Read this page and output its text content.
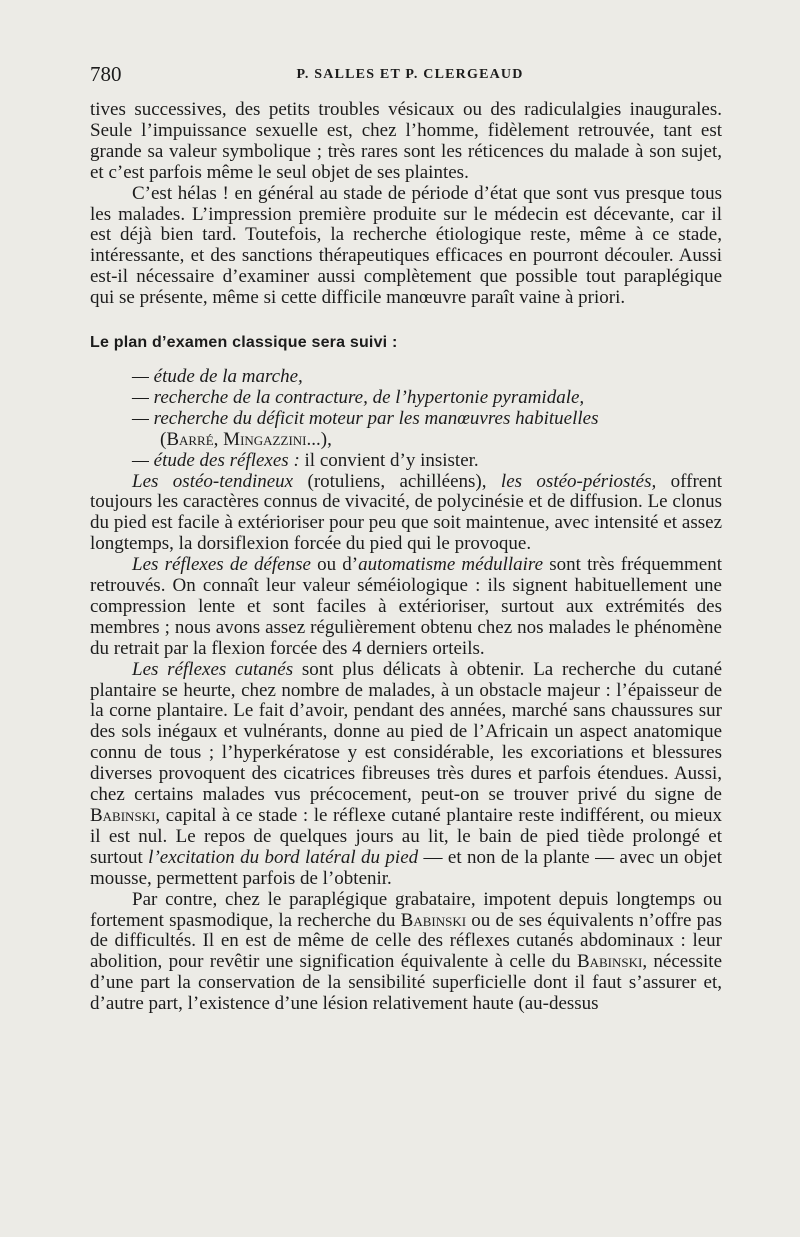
780	P. SALLES ET P. CLERGEAUD

tives successives, des petits troubles vésicaux ou des radiculalgies inaugurales. Seule l’impuissance sexuelle est, chez l’homme, fidèlement retrouvée, tant est grande sa valeur symbolique ; très rares sont les réticences du malade à son sujet, et c’est parfois même le seul objet de ses plaintes.

C’est hélas ! en général au stade de période d’état que sont vus presque tous les malades. L’impression première produite sur le médecin est décevante, car il est déjà bien tard. Toutefois, la recherche étiologique reste, même à ce stade, intéressante, et des sanctions thérapeutiques efficaces en pourront découler. Aussi est-il nécessaire d’examiner aussi complètement que possible tout paraplégique qui se présente, même si cette difficile manœuvre paraît vaine à priori.

Le plan d’examen classique sera suivi :

— étude de la marche,

— recherche de la contracture, de l’hypertonie pyramidale,

— recherche du déficit moteur par les manœuvres habituelles

(Barré, Mingazzini...),

— étude des réflexes : il convient d’y insister.

Les ostéo-tendineux (rotuliens, achilléens), les ostéo-périostés, offrent toujours les caractères connus de vivacité, de polycinésie et de diffusion. Le clonus du pied est facile à extérioriser pour peu que soit maintenue, avec intensité et assez longtemps, la dorsiflexion forcée du pied qui le provoque.

Les réflexes de défense ou d’automatisme médullaire sont très fréquemment retrouvés. On connaît leur valeur séméiologique : ils signent habituellement une compression lente et sont faciles à extérioriser, surtout aux extrémités des membres ; nous avons assez régulièrement obtenu chez nos malades le phénomène du retrait par la flexion forcée des 4 derniers orteils.

Les réflexes cutanés sont plus délicats à obtenir. La recherche du cutané plantaire se heurte, chez nombre de malades, à un obstacle majeur : l’épaisseur de la corne plantaire. Le fait d’avoir, pendant des années, marché sans chaussures sur des sols inégaux et vulnérants, donne au pied de l’Africain un aspect anatomique connu de tous ; l’hyperkératose y est considérable, les excoriations et blessures diverses provoquent des cicatrices fibreuses très dures et parfois étendues. Aussi, chez certains malades vus précocement, peut-on se trouver privé du signe de Babinski, capital à ce stade : le réflexe cutané plantaire reste indifférent, ou mieux il est nul. Le repos de quelques jours au lit, le bain de pied tiède prolongé et surtout l’excitation du bord latéral du pied — et non de la plante — avec un objet mousse, permettent parfois de l’obtenir.

Par contre, chez le paraplégique grabataire, impotent depuis longtemps ou fortement spasmodique, la recherche du Babinski ou de ses équivalents n’offre pas de difficultés. Il en est de même de celle des réflexes cutanés abdominaux : leur abolition, pour revêtir une signification équivalente à celle du Babinski, nécessite d’une part la conservation de la sensibilité superficielle dont il faut s’assurer et, d’autre part, l’existence d’une lésion relativement haute (au-dessus
